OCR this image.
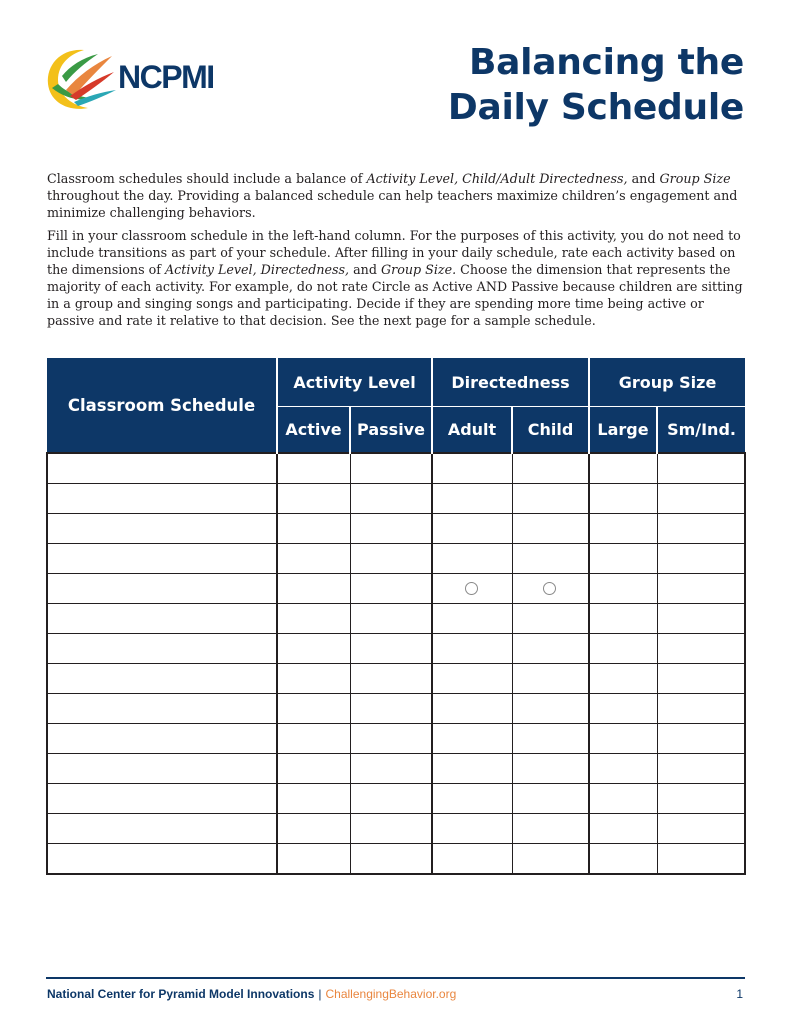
NCPMI	Balancing the
Daily Schedule

Classroom schedules should include a balance of Activity Level, Child/Adult Directedness, and Group Size throughout the day. Providing a balanced schedule can help teachers maximize children’s engagement and minimize challenging behaviors.

Fill in your classroom schedule in the left-hand column. For the purposes of this activity, you do not need to include transitions as part of your schedule. After filling in your daily schedule, rate each activity based on the dimensions of Activity Level, Directedness, and Group Size. Choose the dimension that represents the majority of each activity. For example, do not rate Circle as Active AND Passive because children are sitting in a group and singing songs and participating. Decide if they are spending more time being active or passive and rate it relative to that decision. See the next page for a sample schedule.

Classroom Schedule	Activity Level		Directedness		Group Size	
	Active	Passive	Adult	Child	Large	Sm/Ind.

National Center for Pyramid Model Innovations | ChallengingBehavior.org	1
